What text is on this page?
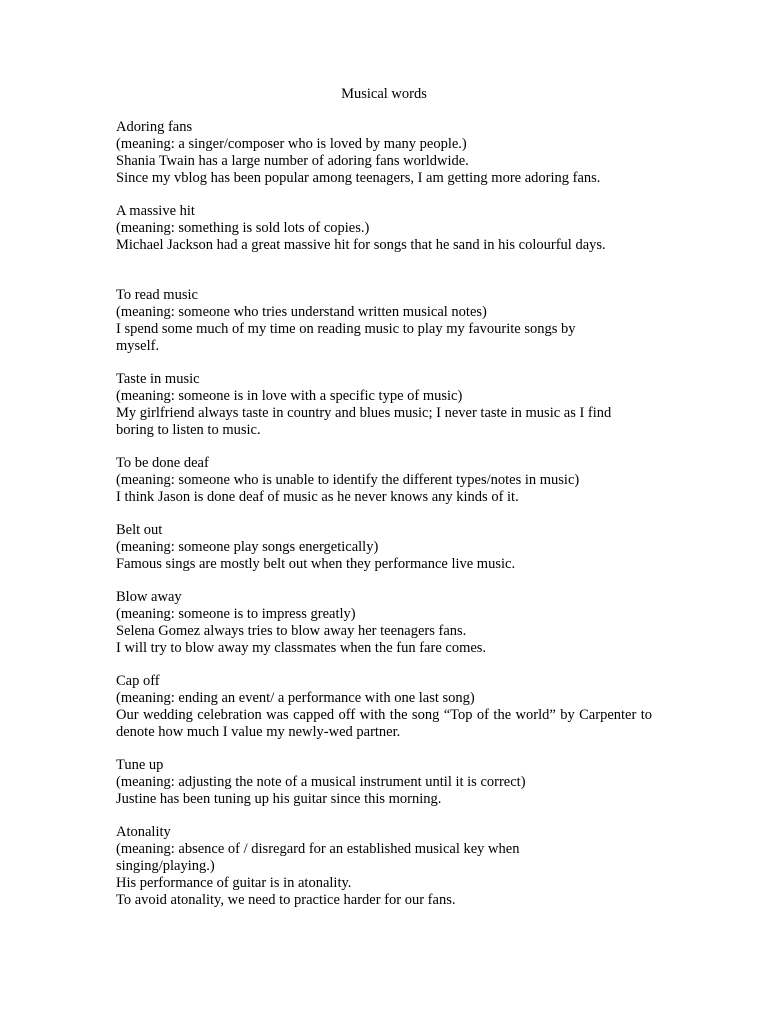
Musical words
Adoring fans
(meaning: a singer/composer who is loved by many people.)
Shania Twain has a large number of adoring fans worldwide.
Since my vblog has been popular among teenagers, I am getting more adoring fans.
A massive hit
(meaning: something is sold lots of copies.)
Michael Jackson had a great massive hit for songs that he sand in his colourful days.
To read music
(meaning: someone who tries understand written musical notes)
I spend some much of my time on reading music to play my favourite songs by myself.
Taste in music
(meaning: someone is in love with a specific type of music)
My girlfriend always taste in country and blues music; I never taste in music as I find boring to listen to music.
To be done deaf
(meaning: someone who is unable to identify the different types/notes in music)
I think Jason is done deaf of music as he never knows any kinds of it.
Belt out
(meaning: someone play songs energetically)
Famous sings are mostly belt out when they performance live music.
Blow away
(meaning: someone is to impress greatly)
Selena Gomez always tries to blow away her teenagers fans.
I will try to blow away my classmates when the fun fare comes.
Cap off
(meaning: ending an event/ a performance with one last song)
Our wedding celebration was capped off with the song “Top of the world” by Carpenter to denote how much I value my newly-wed partner.
Tune up
(meaning: adjusting the note of a musical instrument until it is correct)
Justine has been tuning up his guitar since this morning.
Atonality
(meaning: absence of / disregard for an established musical key when singing/playing.)
His performance of guitar is in atonality.
To avoid atonality, we need to practice harder for our fans.
